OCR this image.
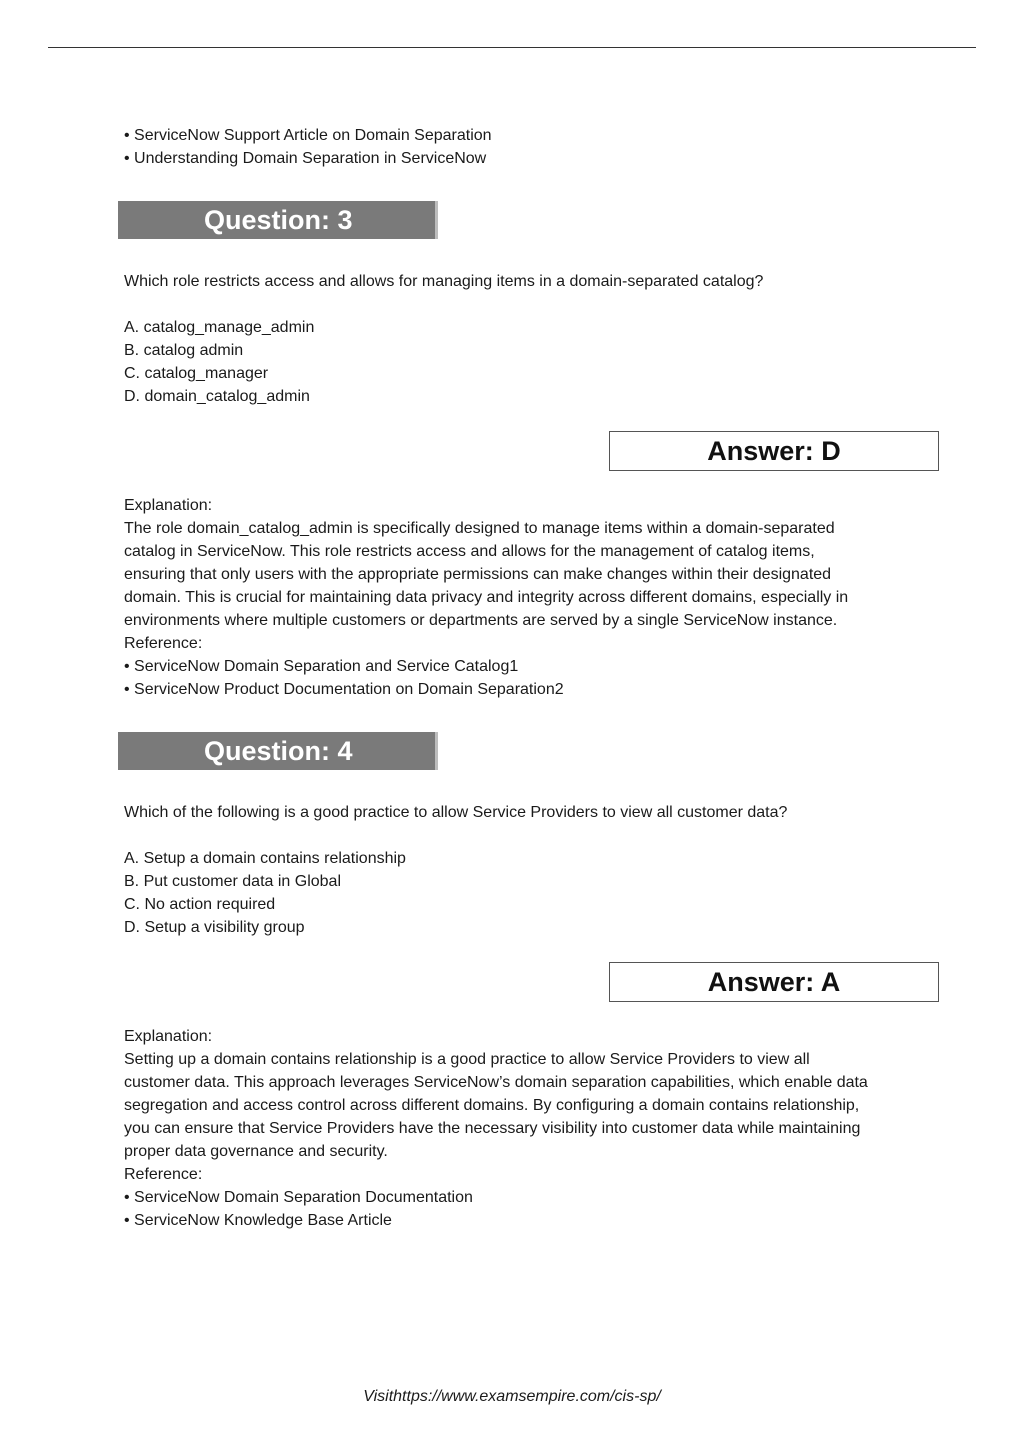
• ServiceNow Support Article on Domain Separation
• Understanding Domain Separation in ServiceNow
Question: 3
Which role restricts access and allows for managing items in a domain-separated catalog?
A. catalog_manage_admin
B. catalog admin
C. catalog_manager
D. domain_catalog_admin
Answer: D
Explanation:
The role domain_catalog_admin is specifically designed to manage items within a domain-separated
catalog in ServiceNow. This role restricts access and allows for the management of catalog items,
ensuring that only users with the appropriate permissions can make changes within their designated
domain. This is crucial for maintaining data privacy and integrity across different domains, especially in
environments where multiple customers or departments are served by a single ServiceNow instance.
Reference:
• ServiceNow Domain Separation and Service Catalog1
• ServiceNow Product Documentation on Domain Separation2
Question: 4
Which of the following is a good practice to allow Service Providers to view all customer data?
A. Setup a domain contains relationship
B. Put customer data in Global
C. No action required
D. Setup a visibility group
Answer: A
Explanation:
Setting up a domain contains relationship is a good practice to allow Service Providers to view all
customer data. This approach leverages ServiceNow’s domain separation capabilities, which enable data
segregation and access control across different domains. By configuring a domain contains relationship,
you can ensure that Service Providers have the necessary visibility into customer data while maintaining
proper data governance and security.
Reference:
• ServiceNow Domain Separation Documentation
• ServiceNow Knowledge Base Article
Visithttps://www.examsempire.com/cis-sp/
